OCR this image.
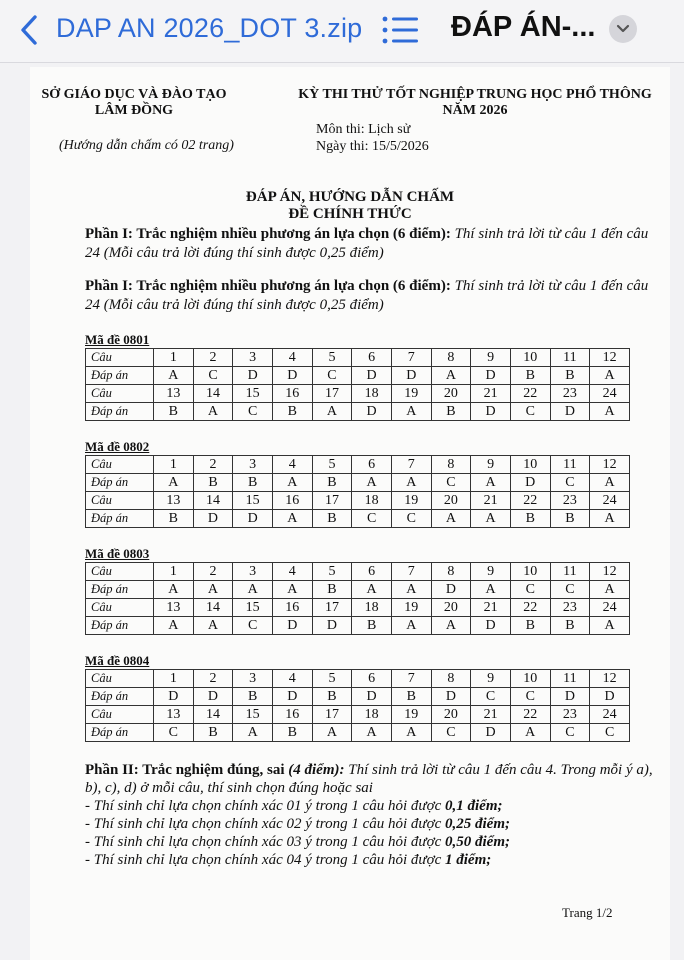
DAP AN 2026_DOT 3.zip	ĐÁP ÁN-...
SỞ GIÁO DỤC VÀ ĐÀO TẠO
LÂM ĐỒNG
(Hướng dẫn chấm có 02 trang)
KỲ THI THỬ TỐT NGHIỆP TRUNG HỌC PHỔ THÔNG
NĂM 2026
Môn thi: Lịch sử
Ngày thi: 15/5/2026
ĐÁP ÁN, HƯỚNG DẪN CHẤM
ĐỀ CHÍNH THỨC
Phần I: Trắc nghiệm nhiều phương án lựa chọn (6 điểm): Thí sinh trả lời từ câu 1 đến câu 24 (Mỗi câu trả lời đúng thí sinh được 0,25 điểm)
Phần I: Trắc nghiệm nhiều phương án lựa chọn (6 điểm): Thí sinh trả lời từ câu 1 đến câu 24 (Mỗi câu trả lời đúng thí sinh được 0,25 điểm)
Mã đề 0801
Câu	1	2	3	4	5	6	7	8	9	10	11	12
Đáp án	A	C	D	D	C	D	D	A	D	B	B	A
Câu	13	14	15	16	17	18	19	20	21	22	23	24
Đáp án	B	A	C	B	A	D	A	B	D	C	D	A
Mã đề 0802
Câu	1	2	3	4	5	6	7	8	9	10	11	12
Đáp án	A	B	B	A	B	A	A	C	A	D	C	A
Câu	13	14	15	16	17	18	19	20	21	22	23	24
Đáp án	B	D	D	A	B	C	C	A	A	B	B	A
Mã đề 0803
Câu	1	2	3	4	5	6	7	8	9	10	11	12
Đáp án	A	A	A	A	B	A	A	D	A	C	C	A
Câu	13	14	15	16	17	18	19	20	21	22	23	24
Đáp án	A	A	C	D	D	B	A	A	D	B	B	A
Mã đề 0804
Câu	1	2	3	4	5	6	7	8	9	10	11	12
Đáp án	D	D	B	D	B	D	B	D	C	C	D	D
Câu	13	14	15	16	17	18	19	20	21	22	23	24
Đáp án	C	B	A	B	A	A	A	C	D	A	C	C
Phần II: Trắc nghiệm đúng, sai (4 điểm): Thí sinh trả lời từ câu 1 đến câu 4. Trong mỗi ý a), b), c), d) ở mỗi câu, thí sinh chọn đúng hoặc sai
- Thí sinh chỉ lựa chọn chính xác 01 ý trong 1 câu hỏi được 0,1 điểm;
- Thí sinh chỉ lựa chọn chính xác 02 ý trong 1 câu hỏi được 0,25 điểm;
- Thí sinh chỉ lựa chọn chính xác 03 ý trong 1 câu hỏi được 0,50 điểm;
- Thí sinh chỉ lựa chọn chính xác 04 ý trong 1 câu hỏi được 1 điểm;
Trang 1/2
